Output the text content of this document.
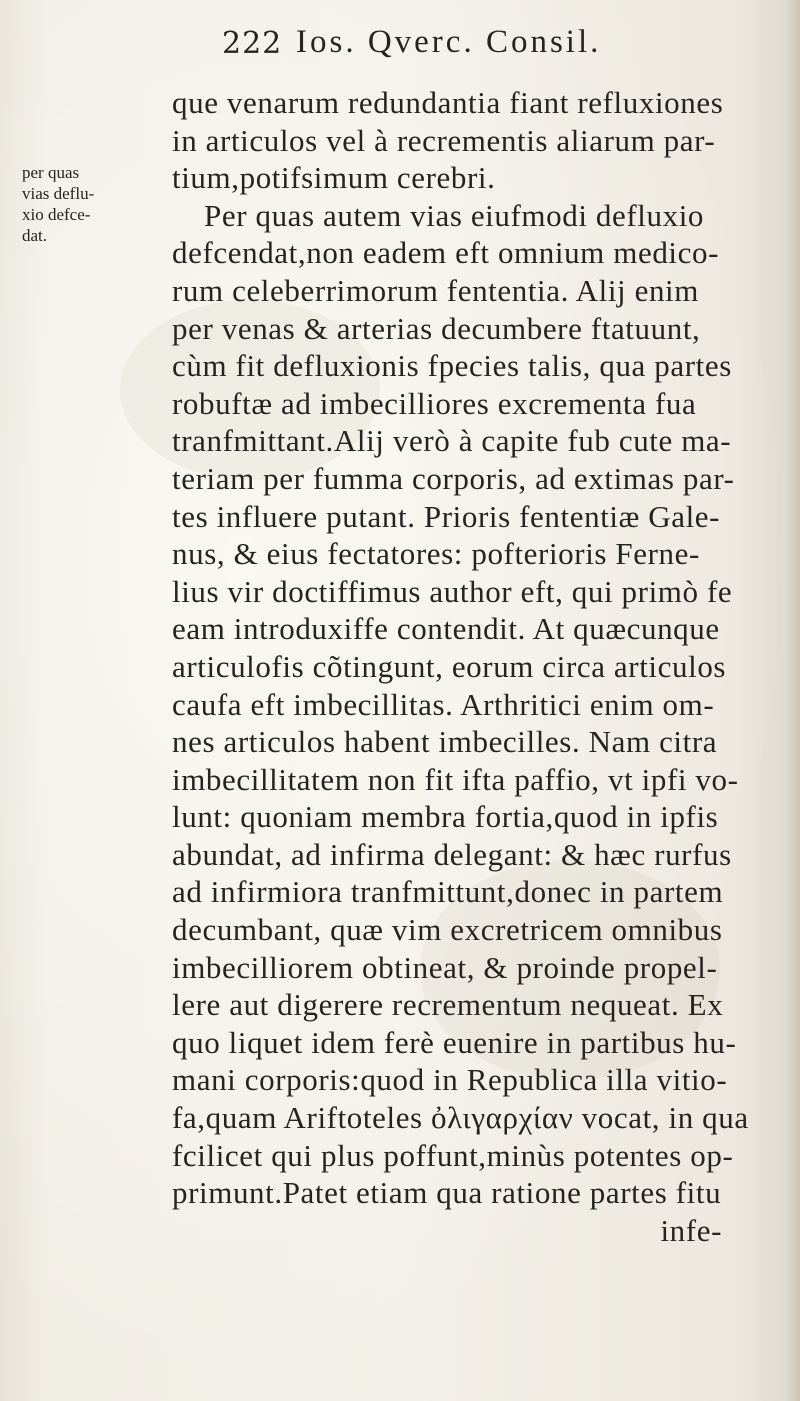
222 Ios. Qverc. Consil.
per quas
vias deflu-
xio defce-
dat.
que venarum redundantia fiant refluxiones
in articulos vel à recrementis aliarum par-
tium,potifsimum cerebri.
Per quas autem vias eiufmodi defluxio
defcendat,non eadem eft omnium medico-
rum celeberrimorum fententia. Alij enim
per venas & arterias decumbere ftatuunt,
cùm fit defluxionis fpecies talis, qua partes
robuftæ ad imbecilliores excrementa fua
tranfmittant.Alij verò à capite fub cute ma-
teriam per fumma corporis, ad extimas par-
tes influere putant. Prioris fententiæ Gale-
nus, & eius fectatores: pofterioris Ferne-
lius vir doctiffimus author eft, qui primò fe
eam introduxiffe contendit. At quæcunque
articulofis cõtingunt, eorum circa articulos
caufa eft imbecillitas. Arthritici enim om-
nes articulos habent imbecilles. Nam citra
imbecillitatem non fit ifta paffio, vt ipfi vo-
lunt: quoniam membra fortia,quod in ipfis
abundat, ad infirma delegant: & hæc rurfus
ad infirmiora tranfmittunt,donec in partem
decumbant, quæ vim excretricem omnibus
imbecilliorem obtineat, & proinde propel-
lere aut digerere recrementum nequeat. Ex
quo liquet idem ferè euenire in partibus hu-
mani corporis:quod in Republica illa vitio-
fa,quam Ariftoteles ὀλιγαρχίαν vocat, in qua
fcilicet qui plus poffunt,minùs potentes op-
primunt.Patet etiam qua ratione partes fitu
infe-
